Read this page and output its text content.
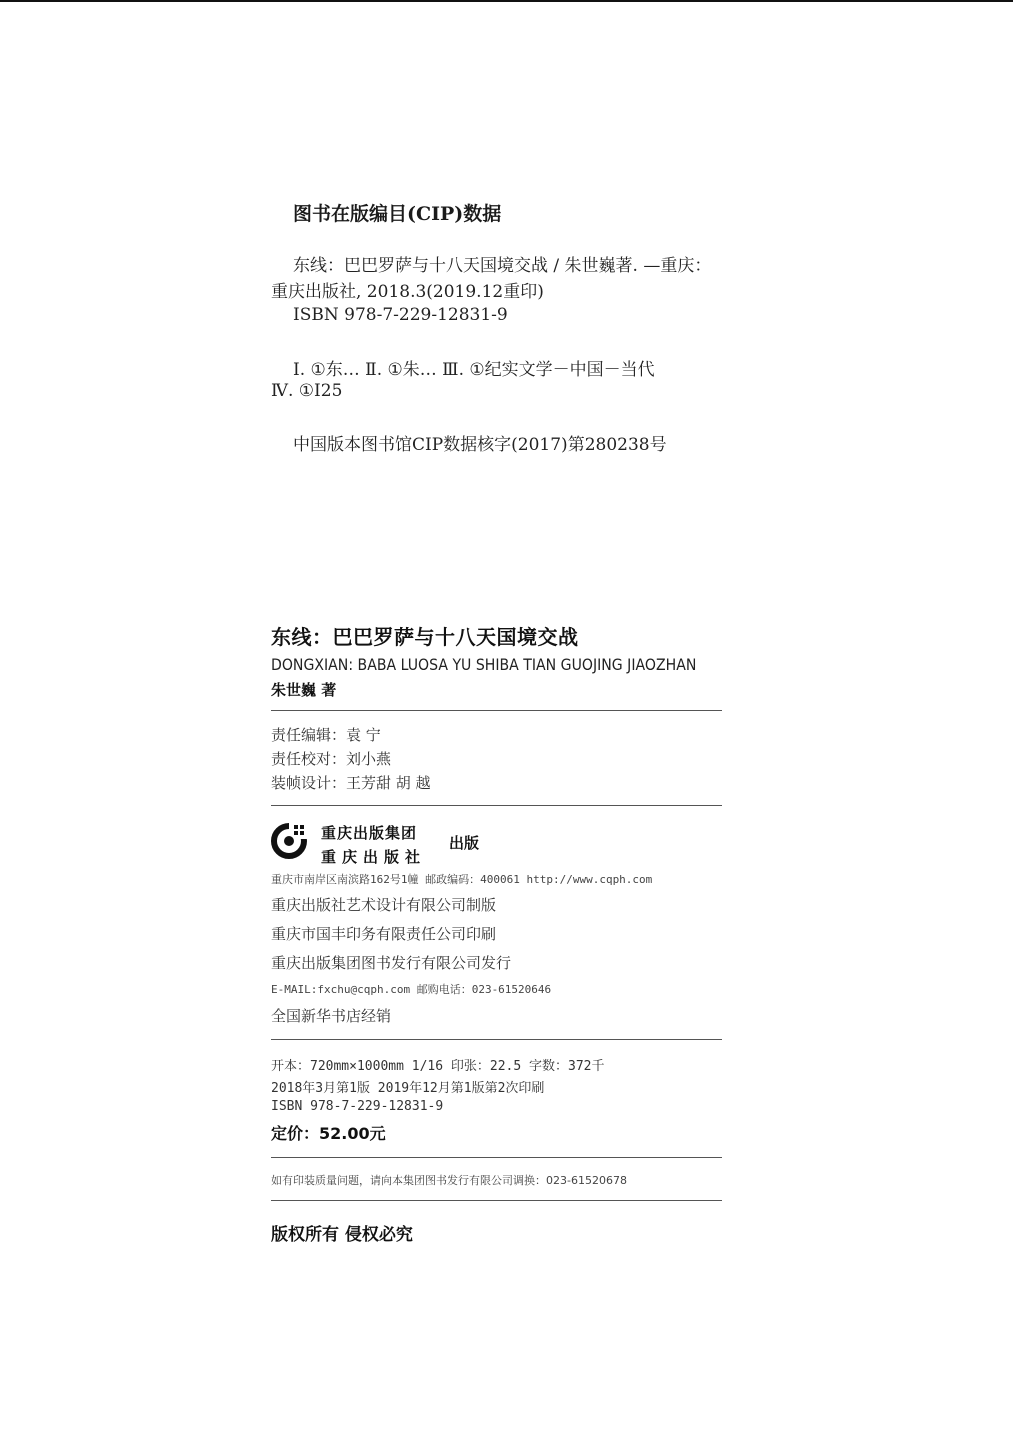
图书在版编目(CIP)数据
东线：巴巴罗萨与十八天国境交战 / 朱世巍著. —重庆：
重庆出版社, 2018.3(2019.12重印)
ISBN 978-7-229-12831-9
Ⅰ. ①东… Ⅱ. ①朱… Ⅲ. ①纪实文学－中国－当代
Ⅳ. ①I25
中国版本图书馆CIP数据核字(2017)第280238号
东线：巴巴罗萨与十八天国境交战
DONGXIAN: BABA LUOSA YU SHIBA TIAN GUOJING JIAOZHAN
朱世巍 著
责任编辑：袁 宁
责任校对：刘小燕
装帧设计：王芳甜 胡 越
重庆出版集团
重庆出版社
出版
重庆市南岸区南滨路162号1幢 邮政编码：400061 http://www.cqph.com
重庆出版社艺术设计有限公司制版
重庆市国丰印务有限责任公司印刷
重庆出版集团图书发行有限公司发行
E-MAIL:fxchu@cqph.com 邮购电话：023-61520646
全国新华书店经销
开本：720mm×1000mm 1/16 印张：22.5 字数：372千
2018年3月第1版 2019年12月第1版第2次印刷
ISBN 978-7-229-12831-9
定价：52.00元
如有印装质量问题，请向本集团图书发行有限公司调换：023-61520678
版权所有 侵权必究
